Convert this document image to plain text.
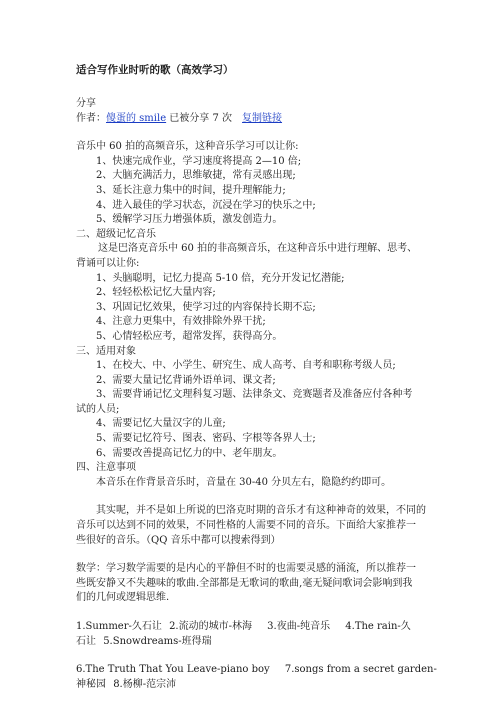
适合写作业时听的歌（高效学习）

分享

作者：傻蛋的 smile 已被分享 7 次 复制链接

音乐中 60 拍的高频音乐，这种音乐学习可以让你:

1、快速完成作业，学习速度将提高 2—10 倍;

2、大脑充满活力，思维敏捷，常有灵感出现;

3、延长注意力集中的时间，提升理解能力;

4、进入最佳的学习状态，沉浸在学习的快乐之中;

5、缓解学习压力增强体质，激发创造力。

二、超级记忆音乐

这是巴洛克音乐中 60 拍的非高频音乐，在这种音乐中进行理解、思考、

背诵可以让你:

1、头脑聪明，记忆力提高 5-10 倍，充分开发记忆潜能;

2、轻轻松松记忆大量内容;

3、巩固记忆效果，使学习过的内容保持长期不忘;

4、注意力更集中，有效排除外界干扰;

5、心情轻松应考，超常发挥，获得高分。

三、适用对象

1、在校大、中、小学生、研究生、成人高考、自考和职称考级人员;

2、需要大量记忆背诵外语单词、课文者;

3、需要背诵记忆文理科复习题、法律条文、竞赛题者及准备应付各种考

试的人员;

4、需要记忆大量汉字的儿童;

5、需要记忆符号、图表、密码、字根等各界人士;

6、需要改善提高记忆力的中、老年朋友。

四、注意事项

本音乐在作背景音乐时，音量在 30-40 分贝左右，隐隐约约即可。

其实呢，并不是如上所说的巴洛克时期的音乐才有这种神奇的效果，不同的

音乐可以达到不同的效果，不同性格的人需要不同的音乐。下面给大家推荐一

些很好的音乐。（QQ 音乐中都可以搜索得到）

数学：学习数学需要的是内心的平静但不时的也需要灵感的涌流，所以推荐一

些既安静又不失趣味的歌曲.全部都是无歌词的歌曲,毫无疑问歌词会影响到我

们的几何或逻辑思维.

1.Summer-久石让 2.流动的城市-林海 3.夜曲-纯音乐 4.The rain-久
石让 5.Snowdreams-班得瑞
6.The Truth That You Leave-piano boy 7.songs from a secret garden-
神秘园 8.杨柳-范宗沛
